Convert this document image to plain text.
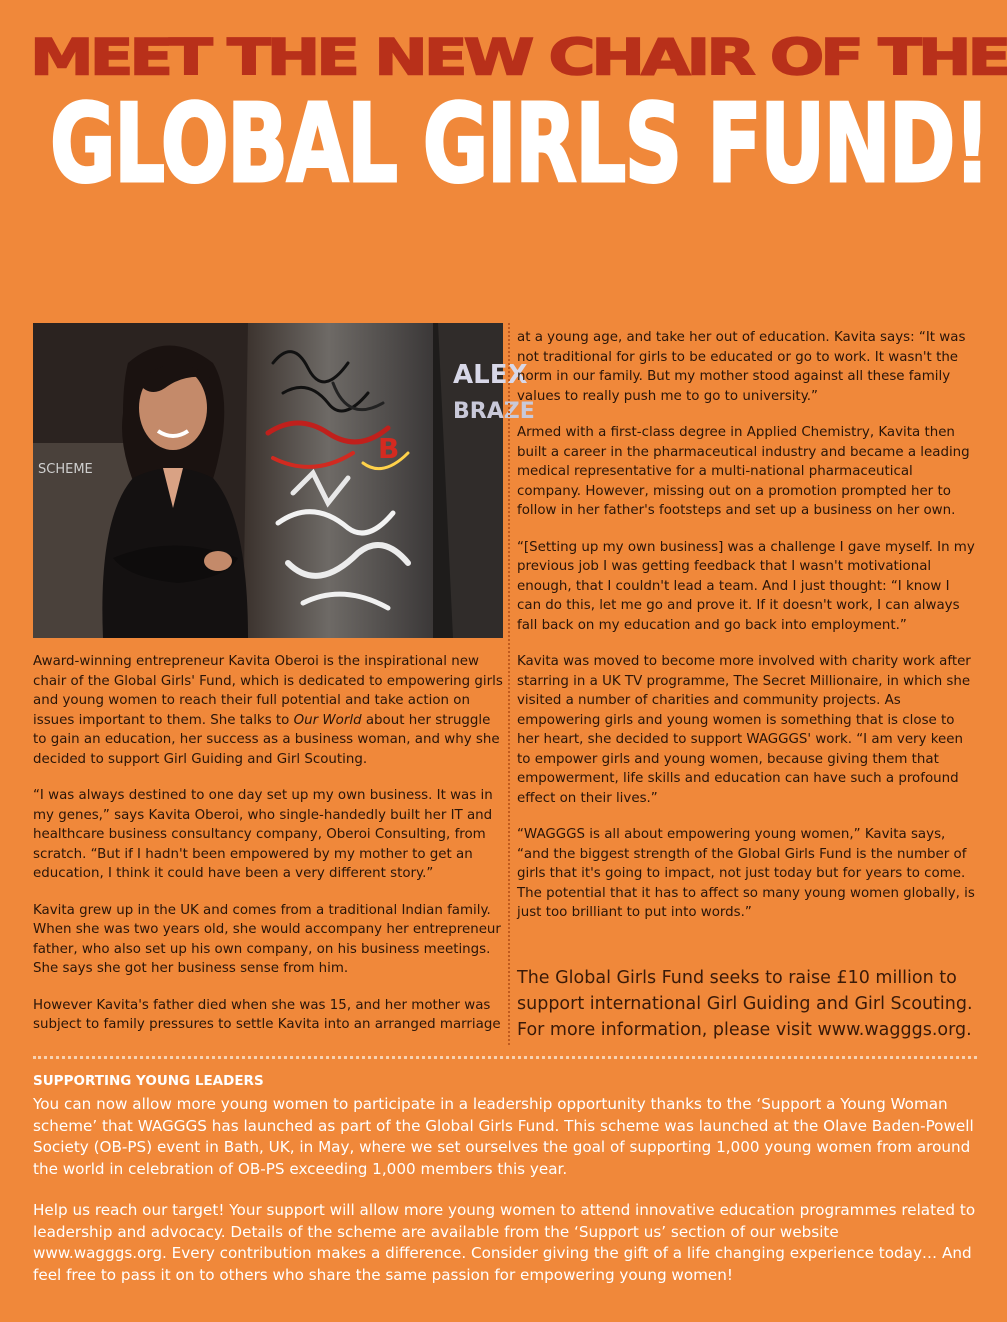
MEET THE NEW CHAIR OF THE
GLOBAL GIRLS FUND!
ALEX
BRAZE
SCHEME
B

Award-winning entrepreneur Kavita Oberoi is the inspirational new chair of the Global Girls' Fund, which is dedicated to empowering girls and young women to reach their full potential and take action on issues important to them. She talks to Our World about her struggle to gain an education, her success as a business woman, and why she decided to support Girl Guiding and Girl Scouting.

“I was always destined to one day set up my own business. It was in my genes,” says Kavita Oberoi, who single-handedly built her IT and healthcare business consultancy company, Oberoi Consulting, from scratch. “But if I hadn't been empowered by my mother to get an education, I think it could have been a very different story.”

Kavita grew up in the UK and comes from a traditional Indian family. When she was two years old, she would accompany her entrepreneur father, who also set up his own company, on his business meetings. She says she got her business sense from him.

However Kavita's father died when she was 15, and her mother was subject to family pressures to settle Kavita into an arranged marriage

at a young age, and take her out of education. Kavita says: “It was not traditional for girls to be educated or go to work. It wasn't the norm in our family. But my mother stood against all these family values to really push me to go to university.”

Armed with a first-class degree in Applied Chemistry, Kavita then built a career in the pharmaceutical industry and became a leading medical representative for a multi-national pharmaceutical company. However, missing out on a promotion prompted her to follow in her father's footsteps and set up a business on her own.

“[Setting up my own business] was a challenge I gave myself. In my previous job I was getting feedback that I wasn't motivational enough, that I couldn't lead a team. And I just thought: “I know I can do this, let me go and prove it. If it doesn't work, I can always fall back on my education and go back into employment.”

Kavita was moved to become more involved with charity work after starring in a UK TV programme, The Secret Millionaire, in which she visited a number of charities and community projects. As empowering girls and young women is something that is close to her heart, she decided to support WAGGGS' work. “I am very keen to empower girls and young women, because giving them that empowerment, life skills and education can have such a profound effect on their lives.”

“WAGGGS is all about empowering young women,” Kavita says, “and the biggest strength of the Global Girls Fund is the number of girls that it's going to impact, not just today but for years to come. The potential that it has to affect so many young women globally, is just too brilliant to put into words.”

The Global Girls Fund seeks to raise £10 million to support international Girl Guiding and Girl Scouting. For more information, please visit www.wagggs.org.
SUPPORTING YOUNG LEADERS

You can now allow more young women to participate in a leadership opportunity thanks to the ‘Support a Young Woman scheme’ that WAGGGS has launched as part of the Global Girls Fund. This scheme was launched at the Olave Baden-Powell Society (OB-PS) event in Bath, UK, in May, where we set ourselves the goal of supporting 1,000 young women from around the world in celebration of OB-PS exceeding 1,000 members this year.

Help us reach our target! Your support will allow more young women to attend innovative education programmes related to leadership and advocacy. Details of the scheme are available from the ‘Support us’ section of our website www.wagggs.org. Every contribution makes a difference. Consider giving the gift of a life changing experience today… And feel free to pass it on to others who share the same passion for empowering young women!
